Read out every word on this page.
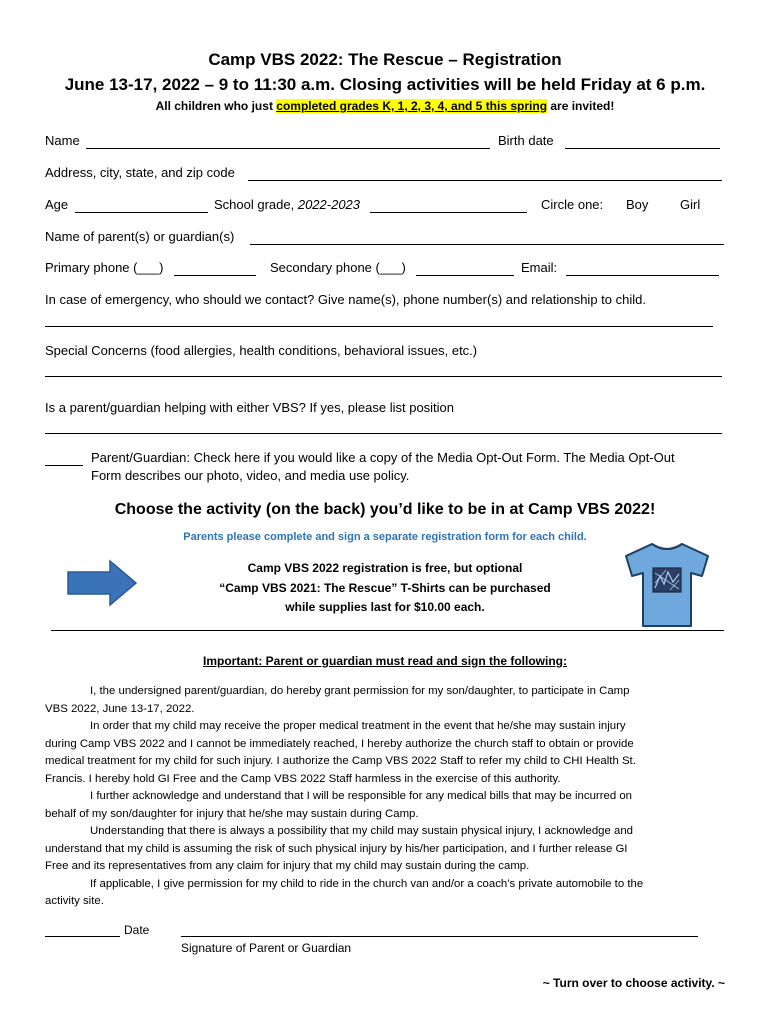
Camp VBS 2022: The Rescue – Registration
June 13-17, 2022 – 9 to 11:30 a.m. Closing activities will be held Friday at 6 p.m.
All children who just completed grades K, 1, 2, 3, 4, and 5 this spring are invited!
Name	Birth date
Address, city, state, and zip code
Age	School grade, 2022-2023	Circle one: Boy Girl
Name of parent(s) or guardian(s)
Primary phone (___)	Secondary phone (___)	Email:
In case of emergency, who should we contact? Give name(s), phone number(s) and relationship to child.
Special Concerns (food allergies, health conditions, behavioral issues, etc.)
Is a parent/guardian helping with either VBS? If yes, please list position
Parent/Guardian: Check here if you would like a copy of the Media Opt-Out Form. The Media Opt-Out
Form describes our photo, video, and media use policy.
Choose the activity (on the back) you’d like to be in at Camp VBS 2022!
Parents please complete and sign a separate registration form for each child.
Camp VBS 2022 registration is free, but optional
“Camp VBS 2021: The Rescue” T-Shirts can be purchased
while supplies last for $10.00 each.
Important: Parent or guardian must read and sign the following:
I, the undersigned parent/guardian, do hereby grant permission for my son/daughter, to participate in Camp
VBS 2022, June 13-17, 2022.
In order that my child may receive the proper medical treatment in the event that he/she may sustain injury
during Camp VBS 2022 and I cannot be immediately reached, I hereby authorize the church staff to obtain or provide
medical treatment for my child for such injury. I authorize the Camp VBS 2022 Staff to refer my child to CHI Health St.
Francis. I hereby hold GI Free and the Camp VBS 2022 Staff harmless in the exercise of this authority.
I further acknowledge and understand that I will be responsible for any medical bills that may be incurred on
behalf of my son/daughter for injury that he/she may sustain during Camp.
Understanding that there is always a possibility that my child may sustain physical injury, I acknowledge and
understand that my child is assuming the risk of such physical injury by his/her participation, and I further release GI
Free and its representatives from any claim for injury that my child may sustain during the camp.
If applicable, I give permission for my child to ride in the church van and/or a coach’s private automobile to the
activity site.
Date
Signature of Parent or Guardian
~ Turn over to choose activity. ~
